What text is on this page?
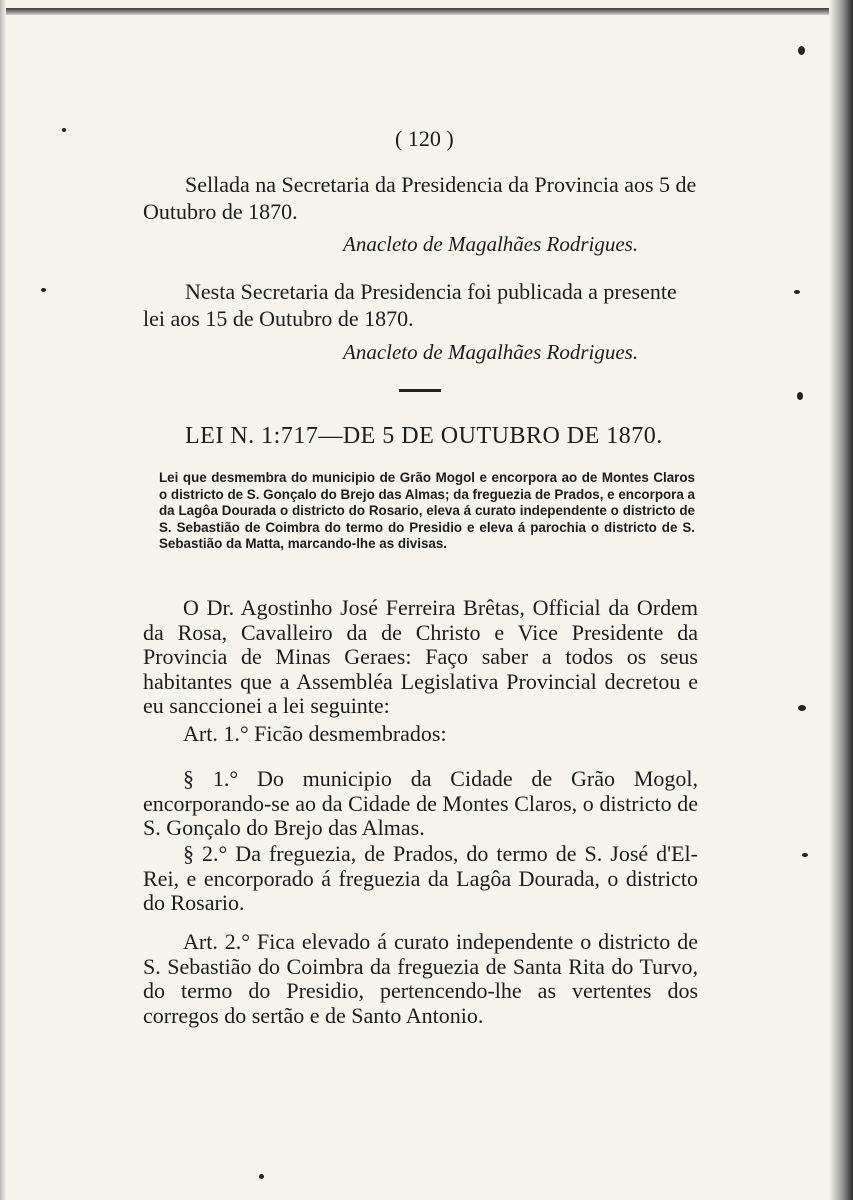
( 120 )

Sellada na Secretaria da Presidencia da Provincia aos 5 de Outubro de 1870.

Anacleto de Magalhães Rodrigues.

Nesta Secretaria da Presidencia foi publicada a presente lei aos 15 de Outubro de 1870.

Anacleto de Magalhães Rodrigues.
LEI N. 1:717—DE 5 DE OUTUBRO DE 1870.

Lei que desmembra do municipio de Grão Mogol e encorpora ao de Montes Claros o districto de S. Gonçalo do Brejo das Almas; da freguezia de Prados, e encorpora a da Lagôa Dourada o districto do Rosario, eleva á curato independente o districto de S. Sebastião de Coimbra do termo do Presidio e eleva á parochia o districto de S. Sebastião da Matta, marcando-lhe as divisas.

O Dr. Agostinho José Ferreira Brêtas, Official da Ordem da Rosa, Cavalleiro da de Christo e Vice Presidente da Provincia de Minas Geraes: Faço saber a todos os seus habitantes que a Assembléa Legislativa Provincial decretou e eu sanccionei a lei seguinte:

Art. 1.° Ficão desmembrados:

§ 1.° Do municipio da Cidade de Grão Mogol, encorporando-se ao da Cidade de Montes Claros, o districto de S. Gonçalo do Brejo das Almas.

§ 2.° Da freguezia, de Prados, do termo de S. José d'El-Rei, e encorporado á freguezia da Lagôa Dourada, o districto do Rosario.

Art. 2.° Fica elevado á curato independente o districto de S. Sebastião do Coimbra da freguezia de Santa Rita do Turvo, do termo do Presidio, pertencendo-lhe as vertentes dos corregos do sertão e de Santo Antonio.
